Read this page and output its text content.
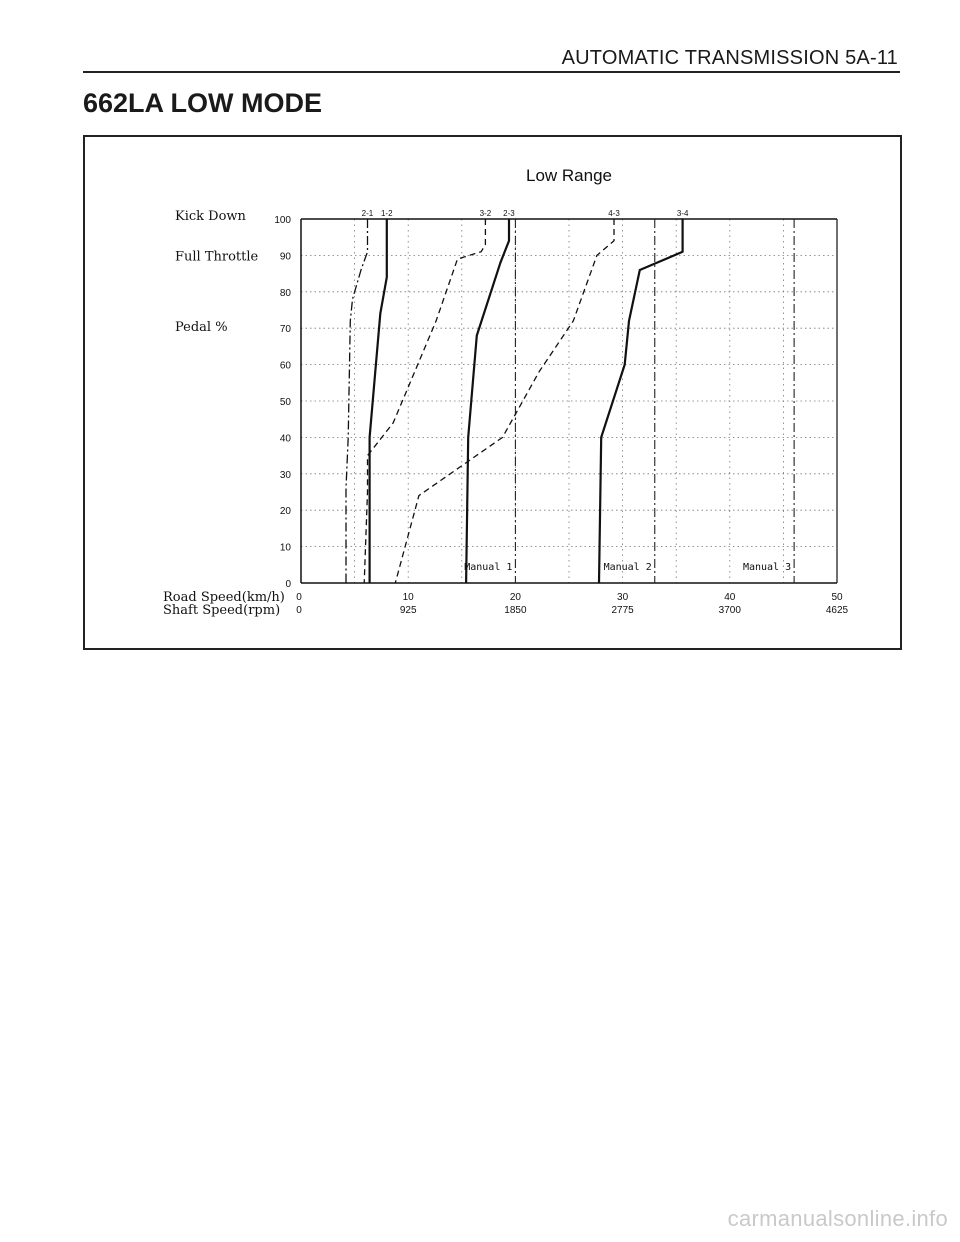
AUTOMATIC TRANSMISSION 5A-11
662LA LOW MODE
Low Range
100
90
80
70
60
50
40
30
20
10
0
Kick Down
Full Throttle
Pedal %
0	10	20	30	40	50
0	925	1850	2775	3700	4625
Road Speed(km/h)
Shaft Speed(rpm)
Manual 1	Manual 2	Manual 3
2-1 1-2	3-2 2-3	4-3	3-4
carmanualsonline.info
